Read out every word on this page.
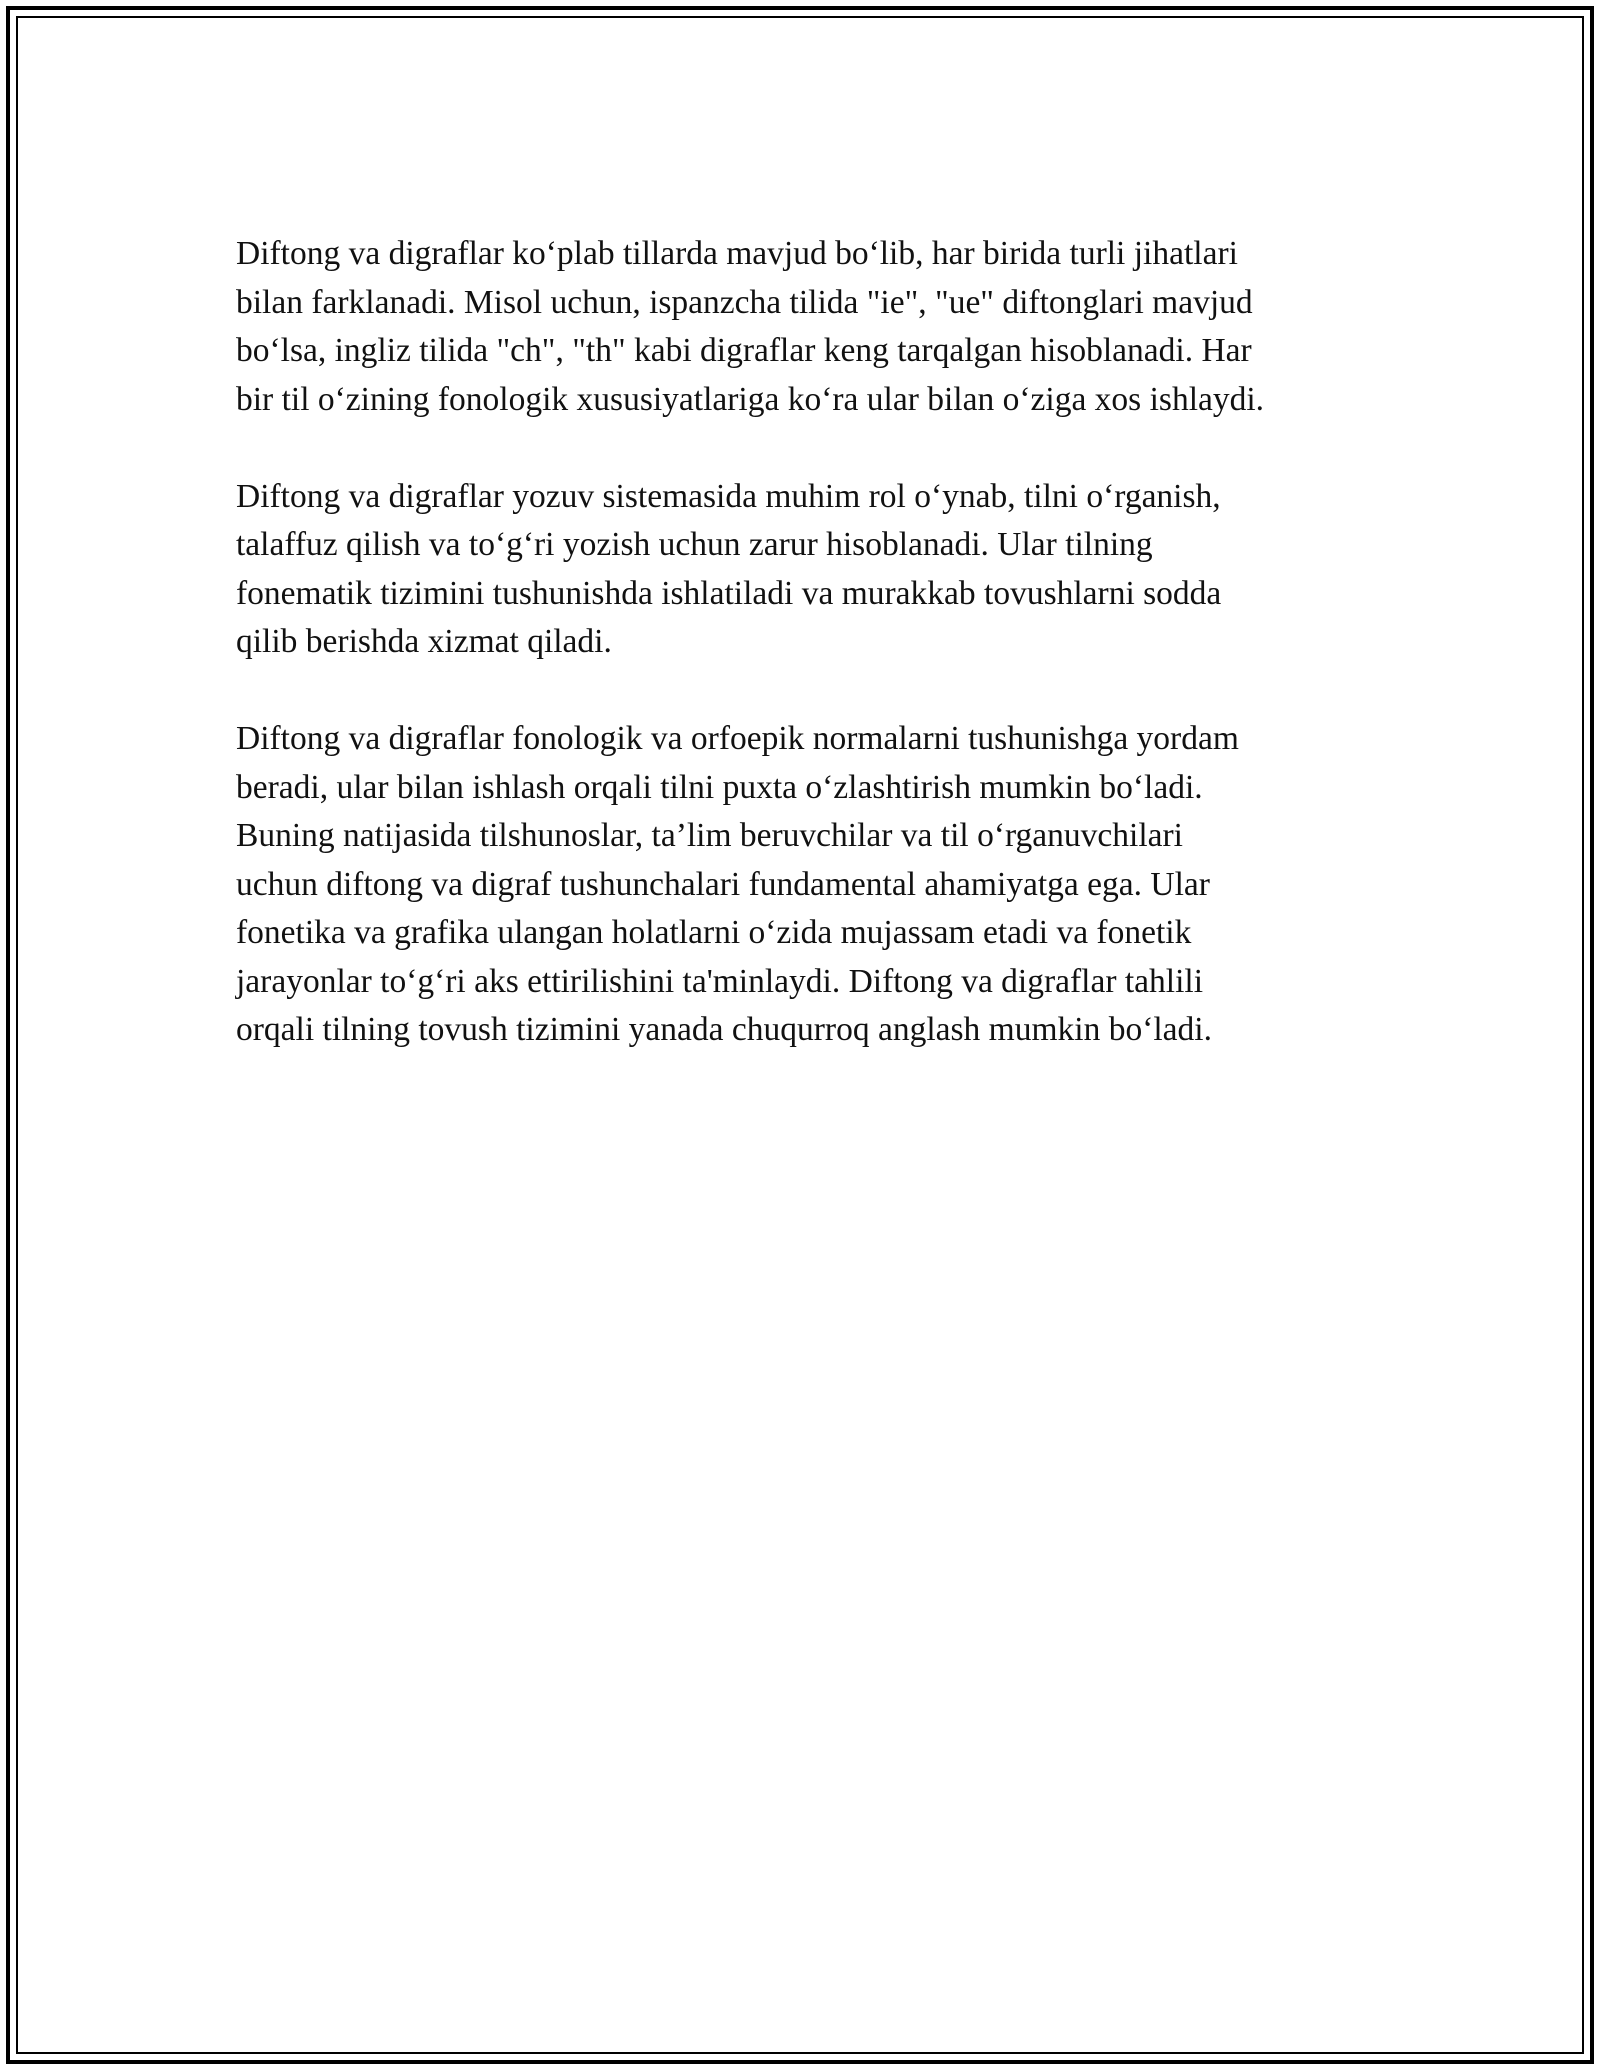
Diftong va digraflar koʻplab tillarda mavjud boʻlib, har birida turli jihatlari
bilan farklanadi. Misol uchun, ispanzcha tilida "ie", "ue" diftonglari mavjud
boʻlsa, ingliz tilida "ch", "th" kabi digraflar keng tarqalgan hisoblanadi. Har
bir til oʻzining fonologik xususiyatlariga koʻra ular bilan oʻziga xos ishlaydi.

Diftong va digraflar yozuv sistemasida muhim rol oʻynab, tilni oʻrganish,
talaffuz qilish va toʻgʻri yozish uchun zarur hisoblanadi. Ular tilning
fonematik tizimini tushunishda ishlatiladi va murakkab tovushlarni sodda
qilib berishda xizmat qiladi.

Diftong va digraflar fonologik va orfoepik normalarni tushunishga yordam
beradi, ular bilan ishlash orqali tilni puxta oʻzlashtirish mumkin boʻladi.
Buning natijasida tilshunoslar, ta’lim beruvchilar va til oʻrganuvchilari
uchun diftong va digraf tushunchalari fundamental ahamiyatga ega. Ular
fonetika va grafika ulangan holatlarni oʻzida mujassam etadi va fonetik
jarayonlar toʻgʻri aks ettirilishini ta'minlaydi. Diftong va digraflar tahlili
orqali tilning tovush tizimini yanada chuqurroq anglash mumkin boʻladi.
